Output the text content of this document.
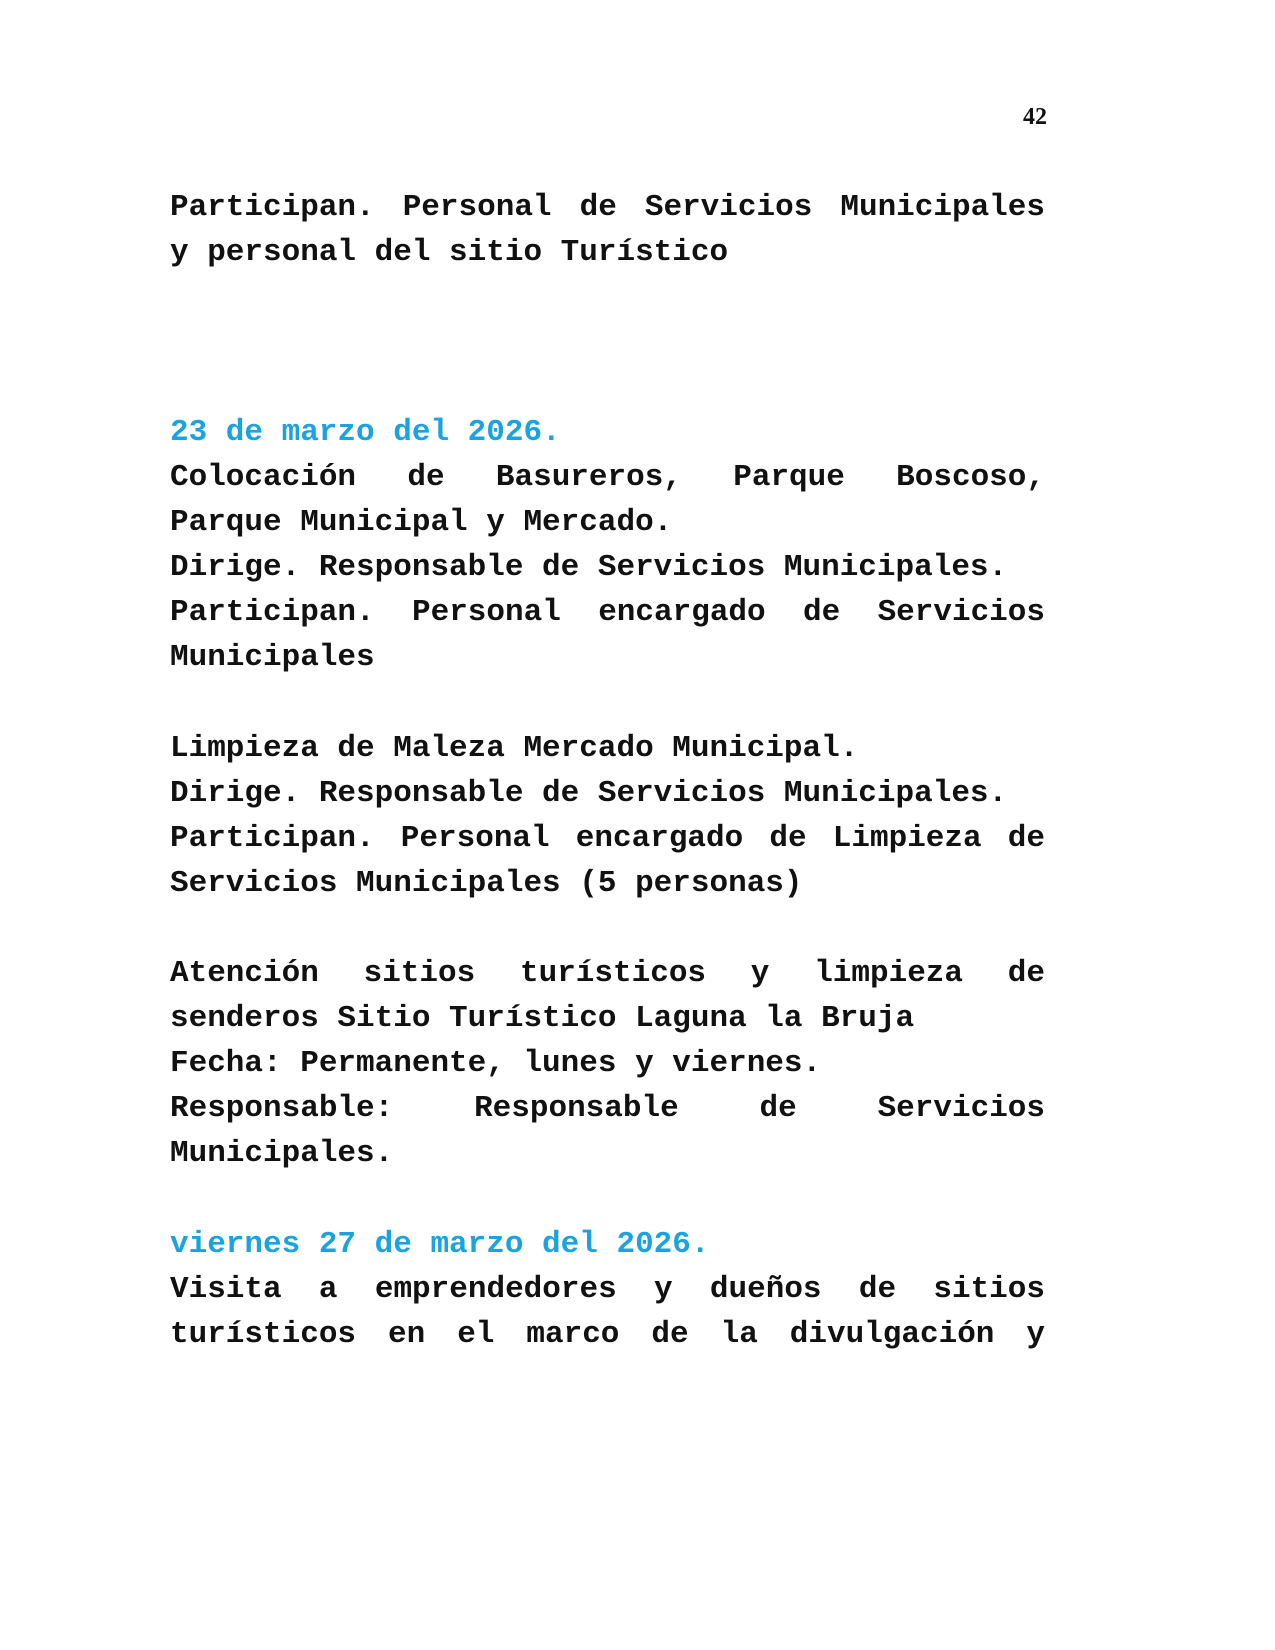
42
Participan. Personal de Servicios Municipales
y personal del sitio Turístico
23 de marzo del 2026.
Colocación de Basureros, Parque Boscoso,
Parque Municipal y Mercado.
Dirige. Responsable de Servicios Municipales.
Participan. Personal encargado de Servicios
Municipales
Limpieza de Maleza Mercado Municipal.
Dirige. Responsable de Servicios Municipales.
Participan. Personal encargado de Limpieza de
Servicios Municipales (5 personas)
Atención sitios turísticos y limpieza de
senderos Sitio Turístico Laguna la Bruja
Fecha: Permanente, lunes y viernes.
Responsable: Responsable de Servicios
Municipales.
viernes 27 de marzo del 2026.
Visita a emprendedores y dueños de sitios
turísticos en el marco de la divulgación y
